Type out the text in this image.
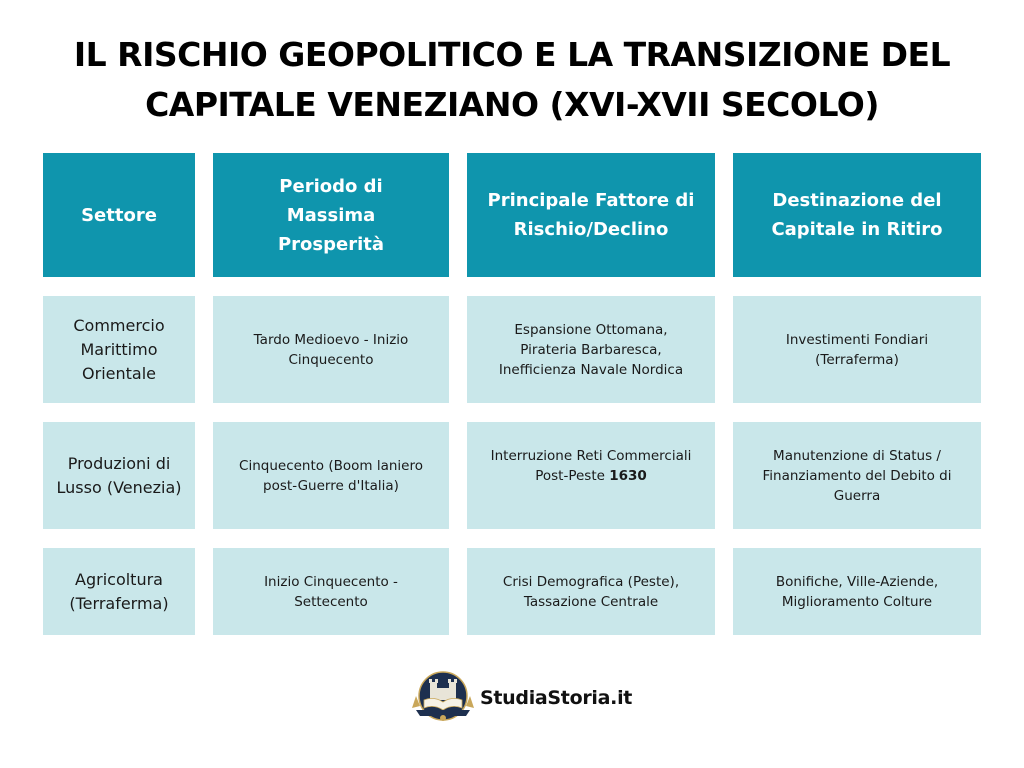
IL RISCHIO GEOPOLITICO E LA TRANSIZIONE DEL
CAPITALE VENEZIANO (XVI-XVII SECOLO)
Settore
Periodo di Massima Prosperità
Principale Fattore di Rischio/Declino
Destinazione del Capitale in Ritiro
Commercio Marittimo Orientale
Tardo Medioevo - Inizio Cinquecento
Espansione Ottomana, Pirateria Barbaresca, Inefficienza Navale Nordica
Investimenti Fondiari (Terraferma)
Produzioni di Lusso (Venezia)
Cinquecento (Boom laniero post-Guerre d'Italia)
Interruzione Reti Commerciali Post-Peste 1630
Manutenzione di Status / Finanziamento del Debito di Guerra
Agricoltura (Terraferma)
Inizio Cinquecento - Settecento
Crisi Demografica (Peste), Tassazione Centrale
Bonifiche, Ville-Aziende, Miglioramento Colture
StudiaStoria.it
